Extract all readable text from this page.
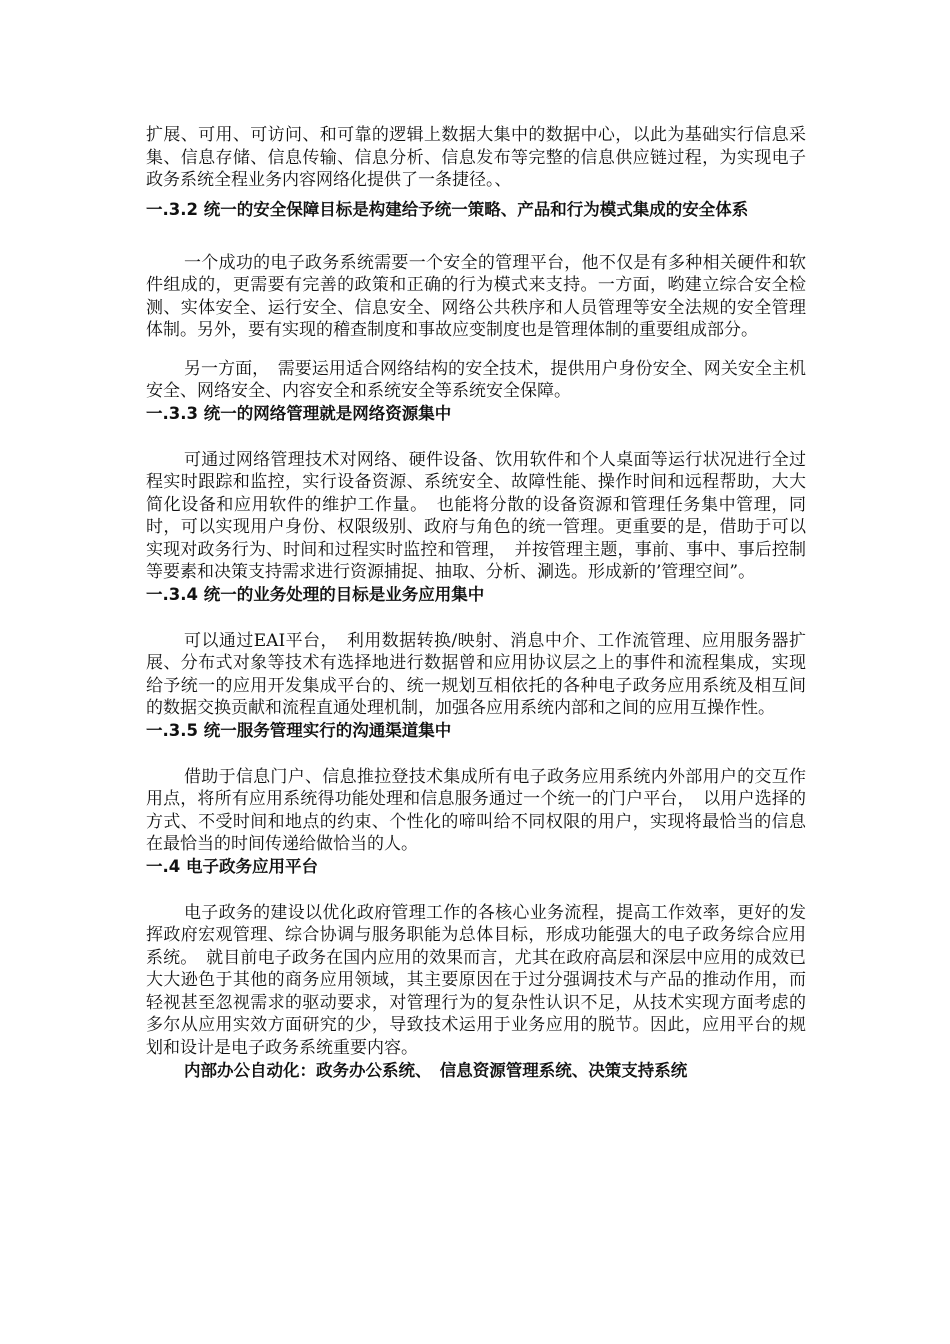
扩展、可用、可访问、和可靠的逻辑上数据大集中的数据中心，以此为基础实行信息采集、信息存储、信息传输、信息分析、信息发布等完整的信息供应链过程，为实现电子政务系统全程业务内容网络化提供了一条捷径。、

一.3.2 统一的安全保障目标是构建给予统一策略、产品和行为模式集成的安全体系

一个成功的电子政务系统需要一个安全的管理平台，他不仅是有多种相关硬件和软件组成的，更需要有完善的政策和正确的行为模式来支持。一方面，哟建立综合安全检测、实体安全、运行安全、信息安全、网络公共秩序和人员管理等安全法规的安全管理体制。另外，要有实现的稽查制度和事故应变制度也是管理体制的重要组成部分。

另一方面，　需要运用适合网络结构的安全技术，提供用户身份安全、网关安全主机安全、网络安全、内容安全和系统安全等系统安全保障。

一.3.3 统一的网络管理就是网络资源集中

可通过网络管理技术对网络、硬件设备、饮用软件和个人桌面等运行状况进行全过程实时跟踪和监控，实行设备资源、系统安全、故障性能、操作时间和远程帮助，大大简化设备和应用软件的维护工作量。　也能将分散的设备资源和管理任务集中管理，同时，可以实现用户身份、权限级别、政府与角色的统一管理。更重要的是，借助于可以实现对政务行为、时间和过程实时监控和管理，　并按管理主题，事前、事中、事后控制等要素和决策支持需求进行资源捕捉、抽取、分析、涮选。形成新的’管理空间”。

一.3.4 统一的业务处理的目标是业务应用集中

可以通过EAI平台，　利用数据转换/映射、消息中介、工作流管理、应用服务器扩展、分布式对象等技术有选择地进行数据曾和应用协议层之上的事件和流程集成，实现给予统一的应用开发集成平台的、统一规划互相依托的各种电子政务应用系统及相互间的数据交换贡献和流程直通处理机制，加强各应用系统内部和之间的应用互操作性。

一.3.5 统一服务管理实行的沟通渠道集中

借助于信息门户、信息推拉登技术集成所有电子政务应用系统内外部用户的交互作用点，将所有应用系统得功能处理和信息服务通过一个统一的门户平台，　以用户选择的方式、不受时间和地点的约束、个性化的啼叫给不同权限的用户，实现将最恰当的信息在最恰当的时间传递给做恰当的人。

一.4 电子政务应用平台

电子政务的建设以优化政府管理工作的各核心业务流程，提高工作效率，更好的发挥政府宏观管理、综合协调与服务职能为总体目标，形成功能强大的电子政务综合应用系统。　就目前电子政务在国内应用的效果而言，尤其在政府高层和深层中应用的成效已大大逊色于其他的商务应用领域，其主要原因在于过分强调技术与产品的推动作用，而轻视甚至忽视需求的驱动要求，对管理行为的复杂性认识不足，从技术实现方面考虑的多尔从应用实效方面研究的少，导致技术运用于业务应用的脱节。因此，应用平台的规划和设计是电子政务系统重要内容。

内部办公自动化：政务办公系统、　信息资源管理系统、决策支持系统
